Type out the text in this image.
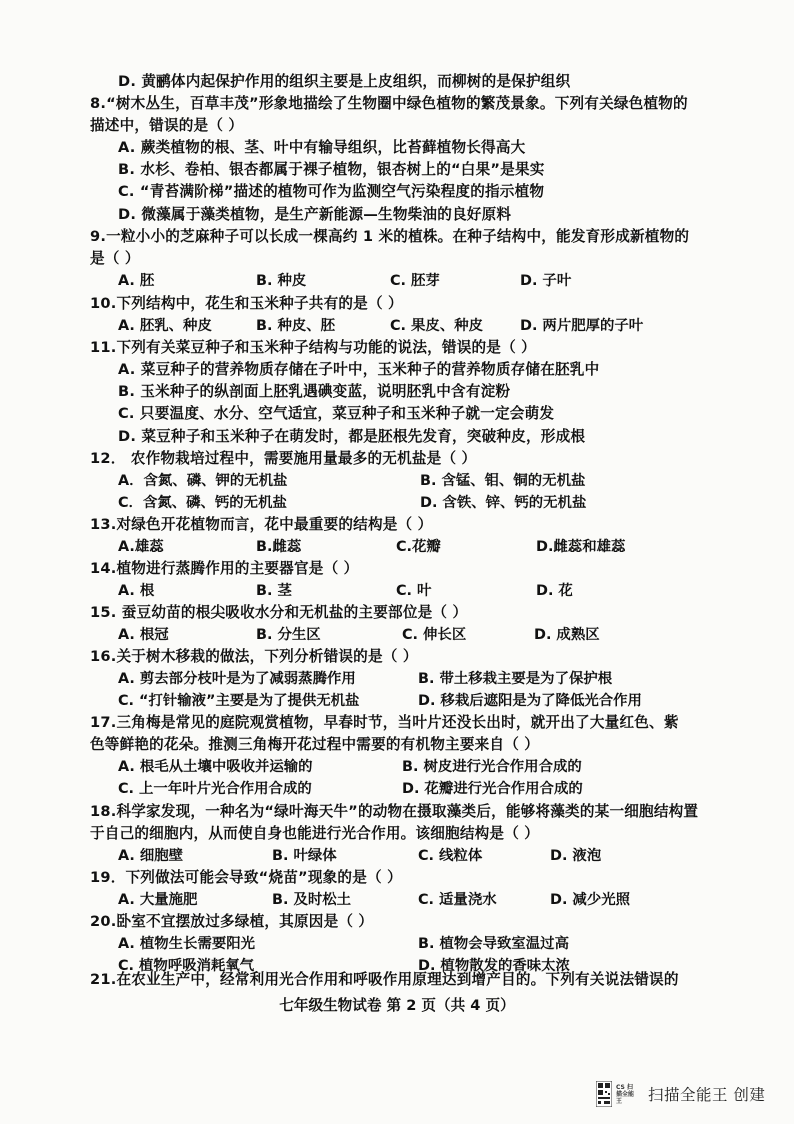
D. 黄鹂体内起保护作用的组织主要是上皮组织，而柳树的是保护组织
8.“树木丛生，百草丰茂”形象地描绘了生物圈中绿色植物的繁茂景象。下列有关绿色植物的
描述中，错误的是（ ）
A. 蕨类植物的根、茎、叶中有输导组织，比苔藓植物长得高大
B. 水杉、卷柏、银杏都属于裸子植物，银杏树上的“白果”是果实
C. “青苔满阶梯”描述的植物可作为监测空气污染程度的指示植物
D. 微藻属于藻类植物，是生产新能源—生物柴油的良好原料
9.一粒小小的芝麻种子可以长成一棵高约 1 米的植株。在种子结构中，能发育形成新植物的
是（ ）
A. 胚	B. 种皮	C. 胚芽	D. 子叶
10.下列结构中，花生和玉米种子共有的是（ ）
A. 胚乳、种皮	B. 种皮、胚	C. 果皮、种皮	D. 两片肥厚的子叶
11.下列有关菜豆种子和玉米种子结构与功能的说法，错误的是（ ）
A. 菜豆种子的营养物质存储在子叶中，玉米种子的营养物质存储在胚乳中
B. 玉米种子的纵剖面上胚乳遇碘变蓝，说明胚乳中含有淀粉
C. 只要温度、水分、空气适宜，菜豆种子和玉米种子就一定会萌发
D. 菜豆种子和玉米种子在萌发时，都是胚根先发育，突破种皮，形成根
12． 农作物栽培过程中，需要施用量最多的无机盐是（ ）
A．含氮、磷、钾的无机盐	B. 含锰、钼、铜的无机盐
C．含氮、磷、钙的无机盐	D. 含铁、锌、钙的无机盐
13.对绿色开花植物而言，花中最重要的结构是（ ）
A.雄蕊	B.雌蕊	C.花瓣	D.雌蕊和雄蕊
14.植物进行蒸腾作用的主要器官是（ ）
A. 根	B. 茎	C. 叶	D. 花
15. 蚕豆幼苗的根尖吸收水分和无机盐的主要部位是（ ）
A. 根冠	B. 分生区	C. 伸长区	D. 成熟区
16.关于树木移栽的做法，下列分析错误的是（ ）
A. 剪去部分枝叶是为了减弱蒸腾作用	B. 带土移栽主要是为了保护根
C. “打针输液”主要是为了提供无机盐	D. 移栽后遮阳是为了降低光合作用
17.三角梅是常见的庭院观赏植物，早春时节，当叶片还没长出时，就开出了大量红色、紫
色等鲜艳的花朵。推测三角梅开花过程中需要的有机物主要来自（ ）
A. 根毛从土壤中吸收并运输的	B. 树皮进行光合作用合成的
C. 上一年叶片光合作用合成的	D. 花瓣进行光合作用合成的
18.科学家发现，一种名为“绿叶海天牛”的动物在摄取藻类后，能够将藻类的某一细胞结构置
于自己的细胞内，从而使自身也能进行光合作用。该细胞结构是（ ）
A. 细胞壁	B. 叶绿体	C. 线粒体	D. 液泡
19．下列做法可能会导致“烧苗”现象的是（ ）
A. 大量施肥	B. 及时松土	C. 适量浇水	D. 减少光照
20.卧室不宜摆放过多绿植，其原因是（ ）
A. 植物生长需要阳光	B. 植物会导致室温过高
C. 植物呼吸消耗氧气	D. 植物散发的香味太浓
21.在农业生产中，经常利用光合作用和呼吸作用原理达到增产目的。下列有关说法错误的
七年级生物试卷 第 2 页（共 4 页）
CS 扫描全能王	扫描全能王 创建
